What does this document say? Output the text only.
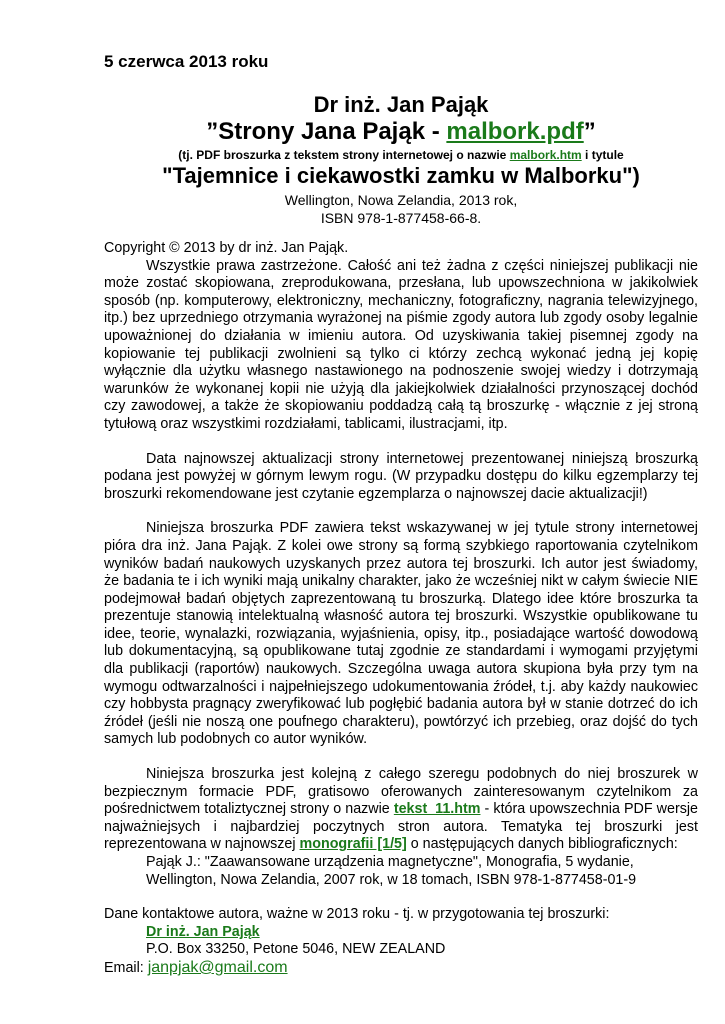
5 czerwca 2013 roku
Dr inż. Jan Pająk
”Strony Jana Pająk - malbork.pdf”
(tj. PDF broszurka z tekstem strony internetowej o nazwie malbork.htm i tytule
"Tajemnice i ciekawostki zamku w Malborku")
Wellington, Nowa Zelandia, 2013 rok,
ISBN 978-1-877458-66-8.
Copyright © 2013 by dr inż. Jan Pająk.

Wszystkie prawa zastrzeżone. Całość ani też żadna z części niniejszej publikacji nie może zostać skopiowana, zreprodukowana, przesłana, lub upowszechniona w jakikolwiek sposób (np. komputerowy, elektroniczny, mechaniczny, fotograficzny, nagrania telewizyjnego, itp.) bez uprzedniego otrzymania wyrażonej na piśmie zgody autora lub zgody osoby legalnie upoważnionej do działania w imieniu autora. Od uzyskiwania takiej pisemnej zgody na kopiowanie tej publikacji zwolnieni są tylko ci którzy zechcą wykonać jedną jej kopię wyłącznie dla użytku własnego nastawionego na podnoszenie swojej wiedzy i dotrzymają warunków że wykonanej kopii nie użyją dla jakiejkolwiek działalności przynoszącej dochód czy zawodowej, a także że skopiowaniu poddadzą całą tą broszurkę - włącznie z jej stroną tytułową oraz wszystkimi rozdziałami, tablicami, ilustracjami, itp.

Data najnowszej aktualizacji strony internetowej prezentowanej niniejszą broszurką podana jest powyżej w górnym lewym rogu. (W przypadku dostępu do kilku egzemplarzy tej broszurki rekomendowane jest czytanie egzemplarza o najnowszej dacie aktualizacji!)

Niniejsza broszurka PDF zawiera tekst wskazywanej w jej tytule strony internetowej pióra dra inż. Jana Pająk. Z kolei owe strony są formą szybkiego raportowania czytelnikom wyników badań naukowych uzyskanych przez autora tej broszurki. Ich autor jest świadomy, że badania te i ich wyniki mają unikalny charakter, jako że wcześniej nikt w całym świecie NIE podejmował badań objętych zaprezentowaną tu broszurką. Dlatego idee które broszurka ta prezentuje stanowią intelektualną własność autora tej broszurki. Wszystkie opublikowane tu idee, teorie, wynalazki, rozwiązania, wyjaśnienia, opisy, itp., posiadające wartość dowodową lub dokumentacyjną, są opublikowane tutaj zgodnie ze standardami i wymogami przyjętymi dla publikacji (raportów) naukowych. Szczególna uwaga autora skupiona była przy tym na wymogu odtwarzalności i najpełniejszego udokumentowania źródeł, t.j. aby każdy naukowiec czy hobbysta pragnący zweryfikować lub pogłębić badania autora był w stanie dotrzeć do ich źródeł (jeśli nie noszą one poufnego charakteru), powtórzyć ich przebieg, oraz dojść do tych samych lub podobnych co autor wyników.

Niniejsza broszurka jest kolejną z całego szeregu podobnych do niej broszurek w bezpiecznym formacie PDF, gratisowo oferowanych zainteresowanym czytelnikom za pośrednictwem totaliztycznej strony o nazwie tekst_11.htm - która upowszechnia PDF wersje najważniejsych i najbardziej poczytnych stron autora. Tematyka tej broszurki jest reprezentowana w najnowszej monografii [1/5] o następujących danych bibliograficznych:

Pająk J.: "Zaawansowane urządzenia magnetyczne", Monografia, 5 wydanie,
Wellington, Nowa Zelandia, 2007 rok, w 18 tomach, ISBN 978-1-877458-01-9
Dane kontaktowe autora, ważne w 2013 roku - tj. w przygotowania tej broszurki:
Dr inż. Jan Pająk
P.O. Box 33250, Petone 5046, NEW ZEALAND
Email: janpjak@gmail.com
